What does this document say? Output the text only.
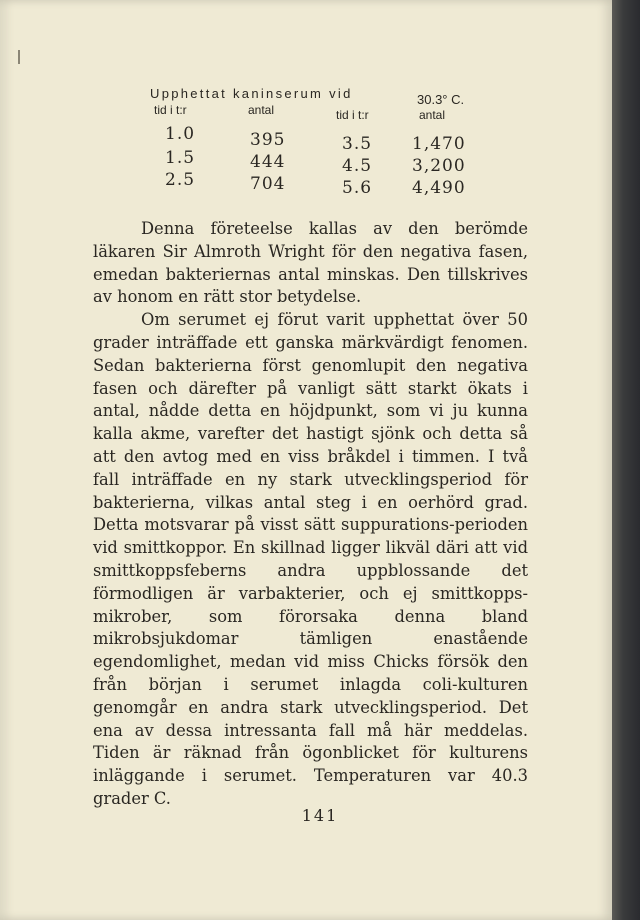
Upphettat kaninserum vid	30.3° C.
tid i t:r	antal	tid i t:r	antal
1.0	395	3.5 1,470
1.5	444	4.5 3,200
2.5	704	5.6 4,490

Denna företeelse kallas av den berömde läkaren Sir Almroth Wright för den negativa fasen, emedan bakteriernas antal minskas. Den tillskrives av honom en rätt stor betydelse.

Om serumet ej förut varit upphettat över 50 grader inträffade ett ganska märkvärdigt fenomen. Sedan bakterierna först genomlupit den negativa fasen och därefter på vanligt sätt starkt ökats i antal, nådde detta en höjdpunkt, som vi ju kunna kalla akme, varefter det hastigt sjönk och detta så att den avtog med en viss bråkdel i timmen. I två fall inträffade en ny stark utvecklingsperiod för bakterierna, vilkas antal steg i en oerhörd grad. Detta motsvarar på visst sätt suppurations-perioden vid smittkoppor. En skillnad ligger likväl däri att vid smittkoppsfeberns andra uppblossande det förmodligen är varbakterier, och ej smittkopps-mikrober, som förorsaka denna bland mikrobsjukdomar tämligen enastående egendomlighet, medan vid miss Chicks försök den från början i serumet inlagda coli-kulturen genomgår en andra stark utvecklingsperiod. Det ena av dessa intressanta fall må här meddelas. Tiden är räknad från ögonblicket för kulturens inläggande i serumet. Temperaturen var 40.3 grader C.

141
